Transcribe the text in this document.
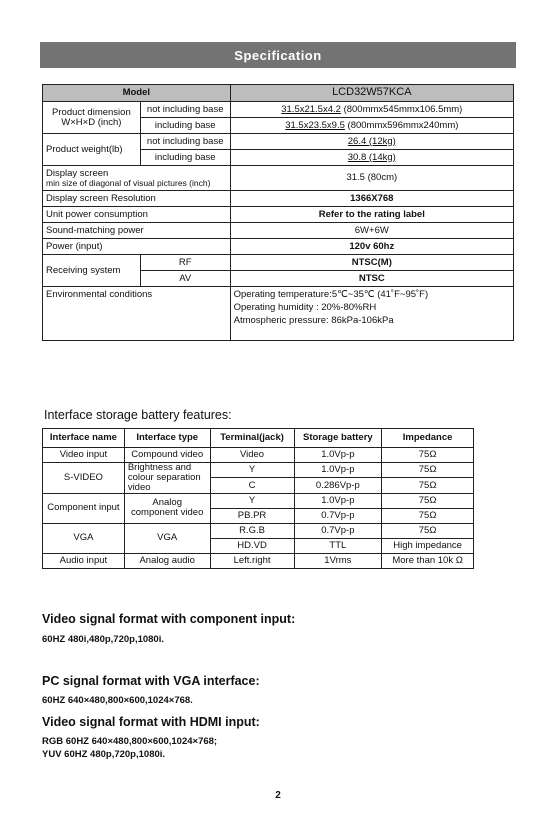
Specification
Model		LCD32W57KCA
Product dimension W×H×D (inch)	not including base	31.5x21.5x4.2 (800mmx545mmx106.5mm)
	including base	31.5x23.5x9.5 (800mmx596mmx240mm)
Product weight(lb)	not including base	26.4 (12kg)
	including base	30.8 (14kg)

Display screen
min size of diagonal of visual pictures (inch)		31.5 (80cm)
Display screen Resolution		1366X768
Unit power consumption		Refer to the rating label
Sound-matching power		6W+6W
Power (input)		120v 60hz
Receiving system	RF	NTSC(M)
	AV	NTSC
Environmental conditions		Operating temperature:5℃~35℃ (41˚F~95˚F)
Operating humidity : 20%-80%RH
Atmospheric pressure: 86kPa-106kPa
Interface storage battery features:
Interface name	Interface type	Terminal(jack)	Storage battery	Impedance
Video input	Compound video	Video	1.0Vp-p	75Ω
S-VIDEO	Brightness and colour separation video	Y	1.0Vp-p	75Ω
		C	0.286Vp-p	75Ω
Component input	Analog component video	Y	1.0Vp-p	75Ω
		PB.PR	0.7Vp-p	75Ω
VGA	VGA	R.G.B	0.7Vp-p	75Ω
		HD.VD	TTL	High impedance
Audio input	Analog audio	Left.right	1Vrms	More than 10k Ω
Video signal format with component input:
60HZ 480i,480p,720p,1080i.
PC signal format with VGA interface:
60HZ 640×480,800×600,1024×768.
Video signal format with HDMI input:
RGB 60HZ 640×480,800×600,1024×768;
YUV 60HZ 480p,720p,1080i.
2
